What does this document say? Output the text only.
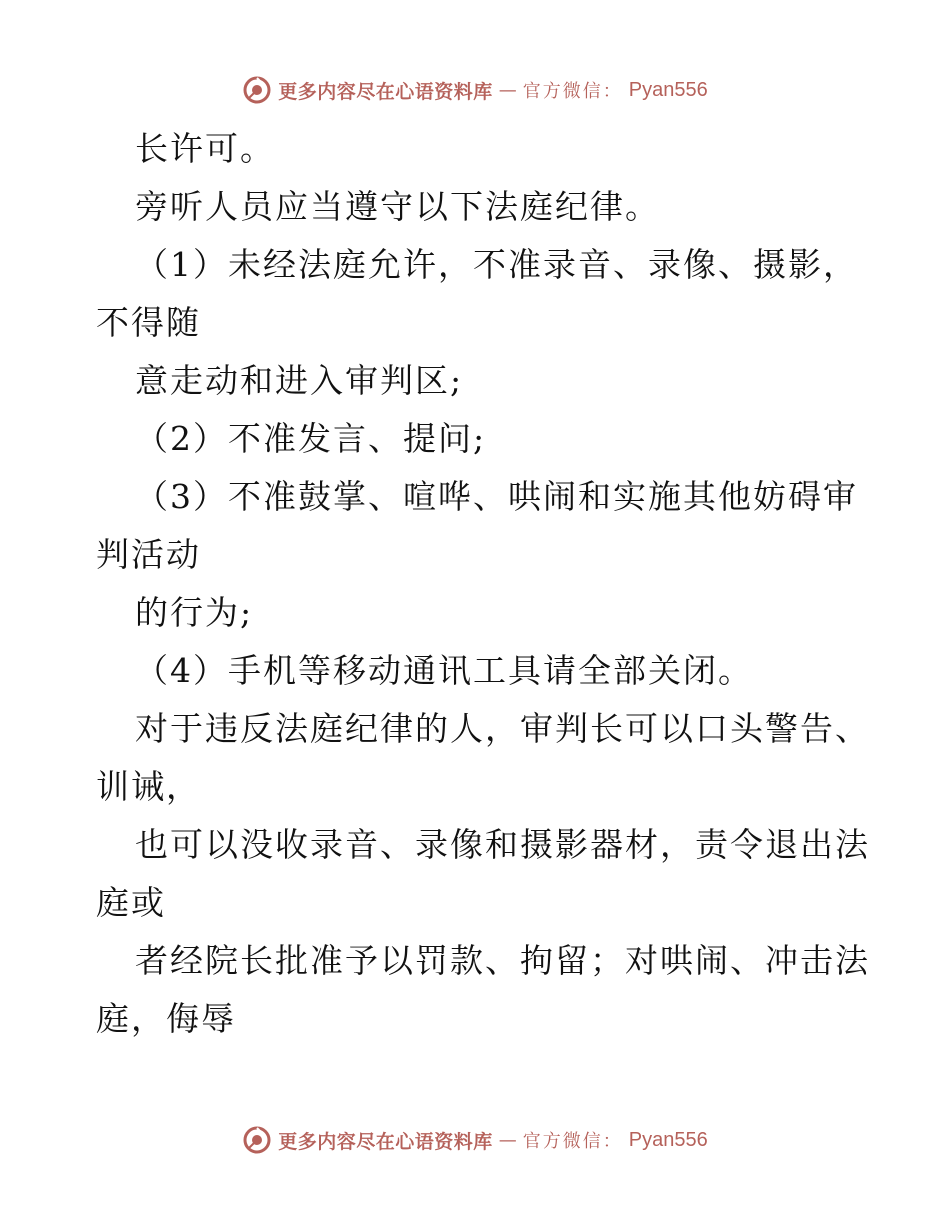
更多内容尽在心语资料库 — 官方微信： Pyan556
长许可。
旁听人员应当遵守以下法庭纪律。
（1）未经法庭允许，不准录音、录像、摄影，
不得随
意走动和进入审判区;
（2）不准发言、提问;
（3）不准鼓掌、喧哗、哄闹和实施其他妨碍审
判活动
的行为;
（4）手机等移动通讯工具请全部关闭。
对于违反法庭纪律的人，审判长可以口头警告、
训诫，
也可以没收录音、录像和摄影器材，责令退出法
庭或
者经院长批准予以罚款、拘留；对哄闹、冲击法
庭，侮辱
更多内容尽在心语资料库 — 官方微信： Pyan556
